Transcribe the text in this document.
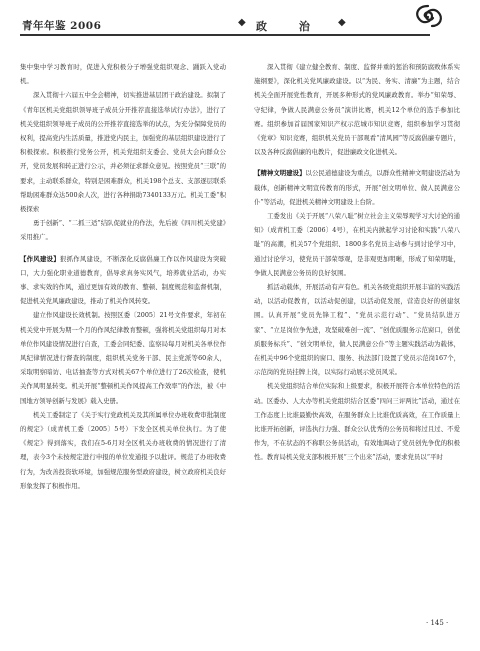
青年年鉴 2006	◆ 政 治 ◆

集中集中学习教育时，促进入党积极分子增强党组织观念、踊跃入党动机。

深入贯彻十六届五中全会精神，切实推进基层团干政治建设。拟制了《青年区机关党组织领导班子成员分开推荐直接选举试行办法》，进行了机关党组织领导班子成员的公开推荐直接选举的试点，为充分保障党员的权利，提高党内生活质量，推进党内民主，加强党的基层组织建设进行了积极探索。积极推行党务公开，机关党组织支委会、党员大会向群众公开，党员发展和转正进行公示，并必须征求群众意见。按照党员“三联”的要求，主动联系群众，特别是困难群众，机关198个总支、支部逐层联系帮助困难群众达500余人次，进行各种捐助7340133万元。机关工委“积极探索

勇于创新”、“二抓三适”结队促就业的作法，先后被《四川机关党建》采用推广。

【作风建设】狠抓作风建设，不断深化反腐倡廉工作以作风建设为突破口，大力强化职业道德教育，倡导求真务实风气，培养就业活动，办实事、求实效的作风，通过更加有效的教育、整顿、制度规范和监督机制，促进机关党风廉政建设，推动了机关作风转变。

建立作风建设长效机制。按照区委〔2005〕21号文件要求，年初在机关党中开展为期一个月的作风纪律教育整顿，强将机关党组织每月对本单位作风建设情况进行自查，工委会同纪委、监察局每月对机关各单位作风纪律情况进行督查的制度，组织机关党务干部、民主党派等60余人，采取明察暗访、电话抽查等方式对机关67个单位进行了26次检查，使机关作风明显转变。机关开展“整顿机关作风提高工作效率”的作法，被《中国地方领导创新与发展》载入史册。

机关工委制定了《关于实行党政机关及其所属单位办班收费审批制度的规定》（成青机工委〔2005〕5号）下发全区机关单位执行。为了使《规定》得到落实，我们在5-6月对全区机关办班收费的情况进行了清理，表今3个未按规定进行申报的单位发通报予以批评。规范了办班收费行为，为改善投资软环境，加强规范服务型政府建设，树立政府机关良好形象发挥了积极作用。

深入贯彻《建立健全教育、制度、监督并重的惩治和预防腐败体系实施纲要》，深化机关党风廉政建设。以“为民、务实、清廉”为主题，结合机关全面开展党性教育，开展多种形式的党风廉政教育。举办“知荣辱、守纪律，争做人民满意公务员”演讲比赛，机关12个单位的选手参加比赛。组织参加首届国家知识产权示范城市知识竞赛，组织参加学习贯彻《党章》知识竞赛，组织机关党员干部观看“清风园”等反腐倡廉专题片，以及各种反腐倡廉的电教片，促进廉政文化进机关。

【精神文明建设】以公民道德建设为重点，以群众性精神文明建设活动为载体，创新精神文明宣传教育的形式，开展“创文明单位、做人民满意公仆”等活动，促进机关精神文明建设上台阶。

工委发出《关于开展“八荣八耻”树立社会主义荣辱观学习大讨论的通知》（成青机工委〔2006〕4号），在机关内掀起学习讨论和实践“八荣八耻”的高潮，机关57个党组织、1800多名党员主动参与到讨论学习中，通过讨论学习，使党员干部荣辱观，是非观更加明晰，形成了知荣明耻，争做人民满意公务员的良好氛围。

抓活动载体，开展活动有声有色。机关各级党组织开展丰富的实践活动，以活动促教育，以活动促创建，以活动促发展，营造良好的创建氛围。认真开展“党员先锋工程”、“党员示范行动”、“党员结队进万家”、“立足岗位争先进，攻坚破难创一流”、“创优质服务示范窗口，创优质服务标兵”、“创文明单位，做人民满意公仆”等主题实践活动为载体，在机关中96个党组织的窗口、服务、执法部门设置了党员示范岗167个，示范岗的党员挂牌上岗，以实际行动展示党员风采。

机关党组织结合单位实际和上级要求，积极开展符合本单位特色的活动。区委办、人大办等机关党组织结合区委“四问三评两比”活动，通过在工作态度上比谁最勤快高效，在服务群众上比谁优质高效，在工作质量上比谁开拓创新，评选执行力强、群众公认优秀的公务员和将过且过、不爱作为，不在状态的不称职公务员活动，有效地调动了党员创先争优的积极性。教育局机关党支部积极开展“三个出来”活动，要求党员以“平时

· 145 ·
